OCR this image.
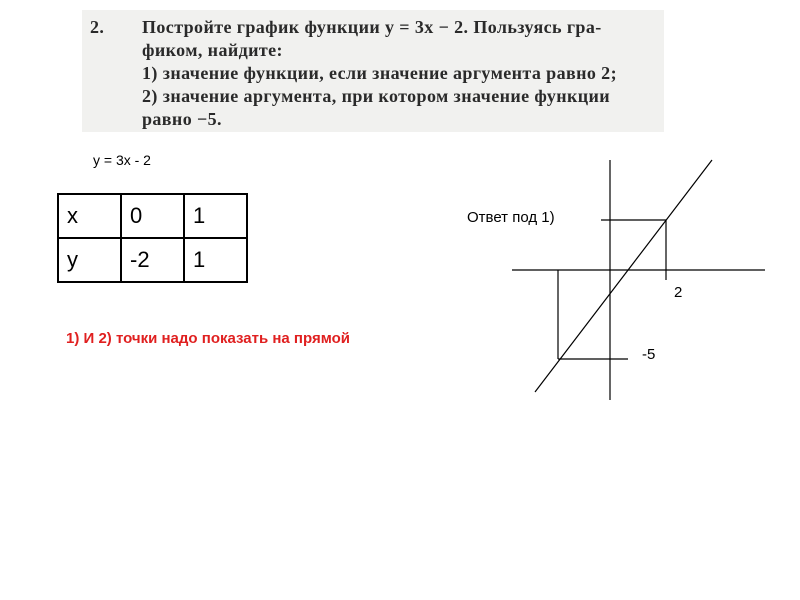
2. Постройте график функции y = 3x − 2. Пользуясь гра-
фиком, найдите:
1) значение функции, если значение аргумента равно 2;
2) значение аргумента, при котором значение функции
равно −5.
y = 3x - 2
x	0	1
y	-2	1
1) И 2) точки надо показать на прямой
Ответ под 1)
2
-5
